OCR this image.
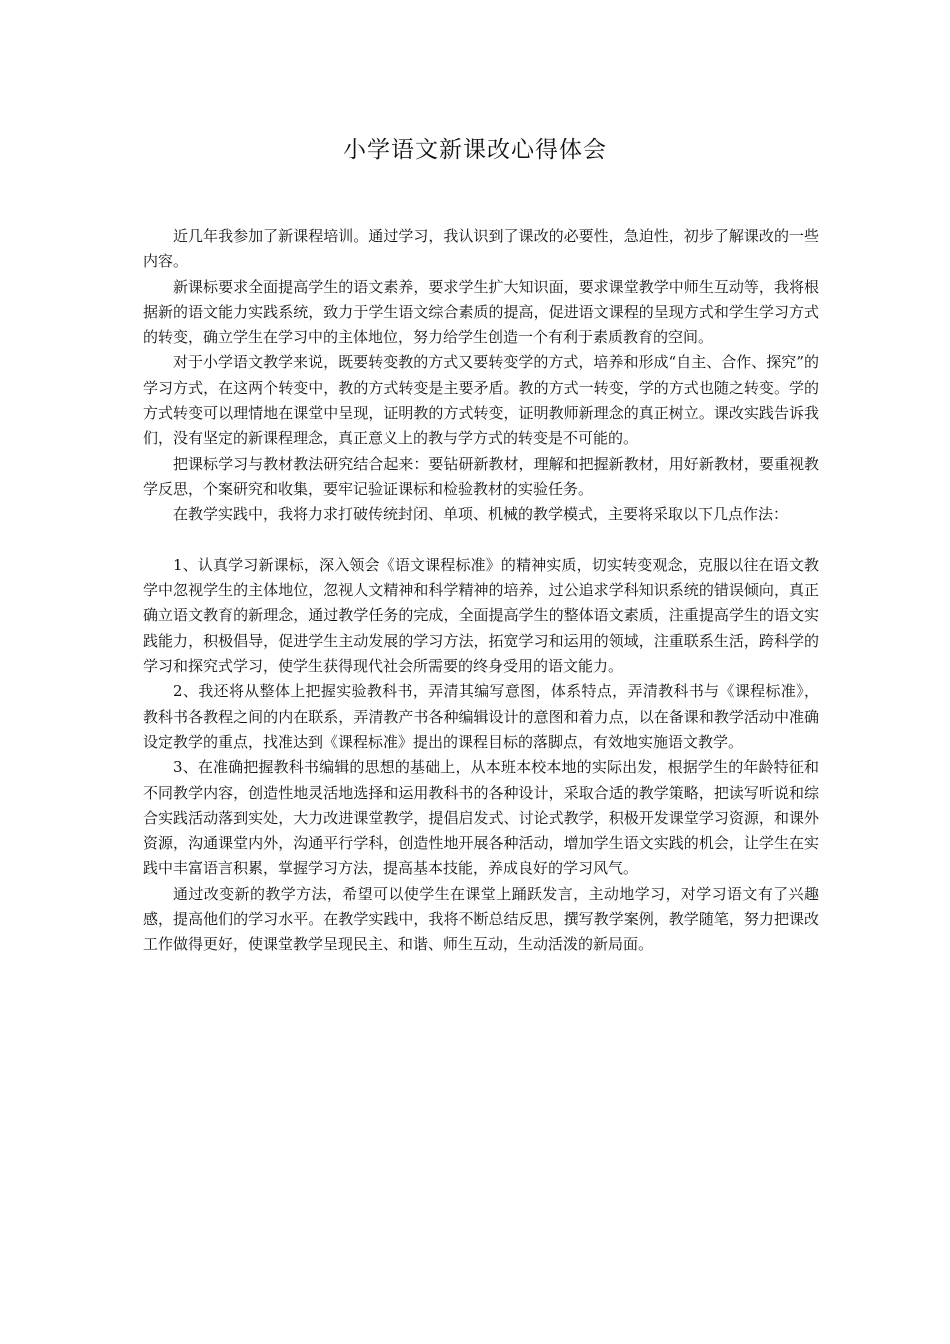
小学语文新课改心得体会

近几年我参加了新课程培训。通过学习，我认识到了课改的必要性，急迫性，初步了解课改的一些内容。

新课标要求全面提高学生的语文素养，要求学生扩大知识面，要求课堂教学中师生互动等，我将根据新的语文能力实践系统，致力于学生语文综合素质的提高，促进语文课程的呈现方式和学生学习方式的转变，确立学生在学习中的主体地位，努力给学生创造一个有利于素质教育的空间。

对于小学语文教学来说，既要转变教的方式又要转变学的方式，培养和形成“自主、合作、探究”的学习方式，在这两个转变中，教的方式转变是主要矛盾。教的方式一转变，学的方式也随之转变。学的方式转变可以理情地在课堂中呈现，证明教的方式转变，证明教师新理念的真正树立。课改实践告诉我们，没有坚定的新课程理念，真正意义上的教与学方式的转变是不可能的。

把课标学习与教材教法研究结合起来：要钻研新教材，理解和把握新教材，用好新教材，要重视教学反思，个案研究和收集，要牢记验证课标和检验教材的实验任务。

在教学实践中，我将力求打破传统封闭、单项、机械的教学模式，主要将采取以下几点作法：

1、认真学习新课标，深入领会《语文课程标准》的精神实质，切实转变观念，克服以往在语文教学中忽视学生的主体地位，忽视人文精神和科学精神的培养，过公追求学科知识系统的错误倾向，真正确立语文教育的新理念，通过教学任务的完成，全面提高学生的整体语文素质，注重提高学生的语文实践能力，积极倡导，促进学生主动发展的学习方法，拓宽学习和运用的领域，注重联系生活，跨科学的学习和探究式学习，使学生获得现代社会所需要的终身受用的语文能力。

2、我还将从整体上把握实验教科书，弄清其编写意图，体系特点，弄清教科书与《课程标准》，教科书各教程之间的内在联系，弄清教产书各种编辑设计的意图和着力点，以在备课和教学活动中准确设定教学的重点，找准达到《课程标准》提出的课程目标的落脚点，有效地实施语文教学。

3、在准确把握教科书编辑的思想的基础上，从本班本校本地的实际出发，根据学生的年龄特征和不同教学内容，创造性地灵活地选择和运用教科书的各种设计，采取合适的教学策略，把读写听说和综合实践活动落到实处，大力改进课堂教学，提倡启发式、讨论式教学，积极开发课堂学习资源，和课外资源，沟通课堂内外，沟通平行学科，创造性地开展各种活动，增加学生语文实践的机会，让学生在实践中丰富语言积累，掌握学习方法，提高基本技能，养成良好的学习风气。

通过改变新的教学方法，希望可以使学生在课堂上踊跃发言，主动地学习，对学习语文有了兴趣感，提高他们的学习水平。在教学实践中，我将不断总结反思，撰写教学案例，教学随笔，努力把课改工作做得更好，使课堂教学呈现民主、和谐、师生互动，生动活泼的新局面。
